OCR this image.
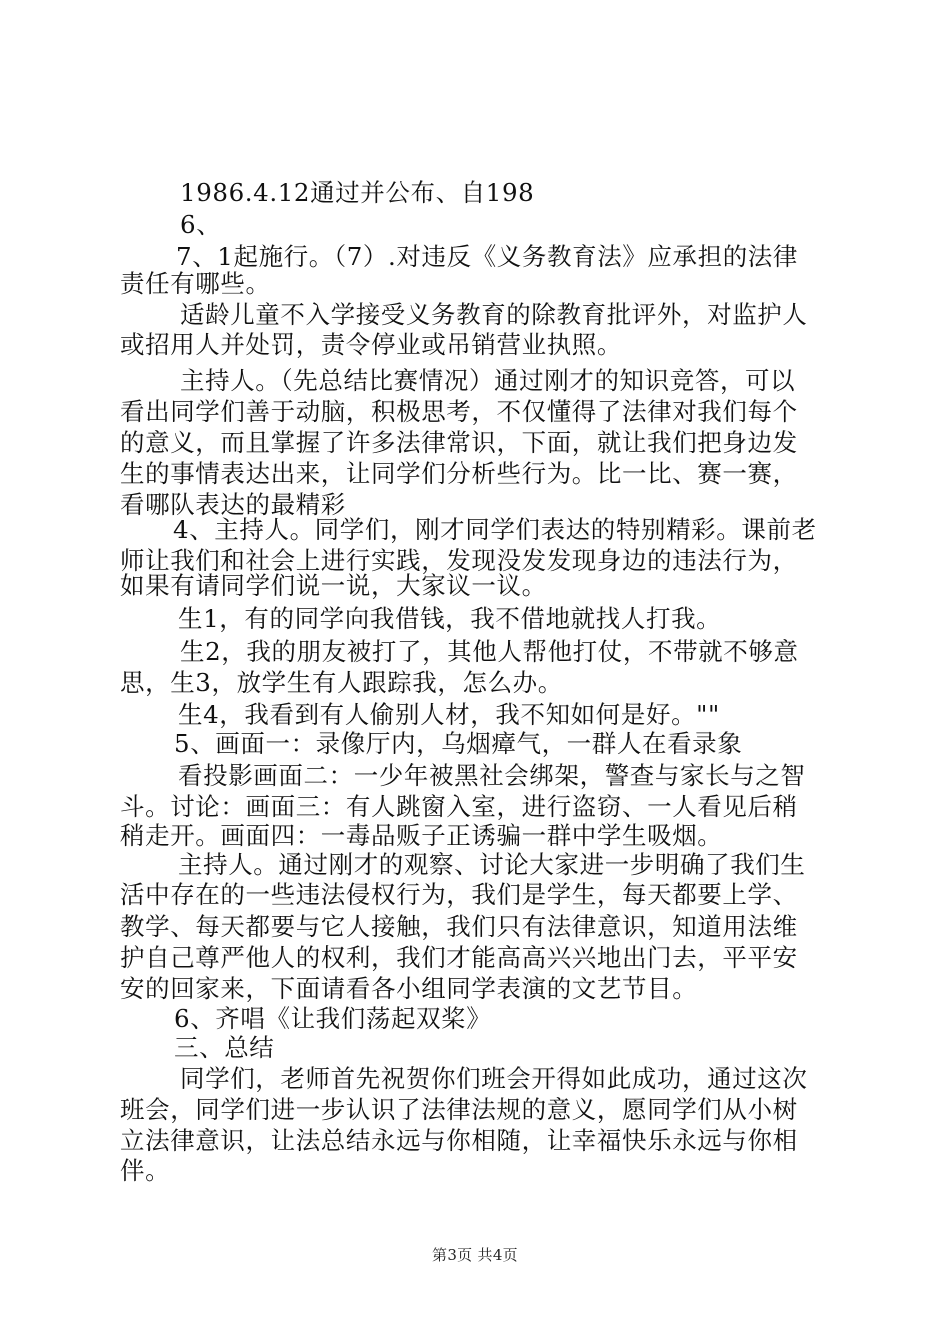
1986.4.12通过并公布、自198
6、
7、1起施行。（7）.对违反《义务教育法》应承担的法律
责任有哪些。
适龄儿童不入学接受义务教育的除教育批评外，对监护人
或招用人并处罚，责令停业或吊销营业执照。
主持人。（先总结比赛情况）通过刚才的知识竞答，可以
看出同学们善于动脑，积极思考，不仅懂得了法律对我们每个
的意义，而且掌握了许多法律常识，下面，就让我们把身边发
生的事情表达出来，让同学们分析些行为。比一比、赛一赛，
看哪队表达的最精彩
4、主持人。同学们，刚才同学们表达的特别精彩。课前老
师让我们和社会上进行实践，发现没发发现身边的违法行为，
如果有请同学们说一说，大家议一议。
生1，有的同学向我借钱，我不借地就找人打我。
生2，我的朋友被打了，其他人帮他打仗，不带就不够意
思，生3，放学生有人跟踪我，怎么办。
生4，我看到有人偷别人材，我不知如何是好。""
5、画面一：录像厅内，乌烟瘴气，一群人在看录象
看投影画面二：一少年被黑社会绑架，警查与家长与之智
斗。讨论：画面三：有人跳窗入室，进行盗窃、一人看见后稍
稍走开。画面四：一毒品贩子正诱骗一群中学生吸烟。
主持人。通过刚才的观察、讨论大家进一步明确了我们生
活中存在的一些违法侵权行为，我们是学生，每天都要上学、
教学、每天都要与它人接触，我们只有法律意识，知道用法维
护自己尊严他人的权利，我们才能高高兴兴地出门去，平平安
安的回家来，下面请看各小组同学表演的文艺节目。
6、齐唱《让我们荡起双桨》
三、总结
同学们，老师首先祝贺你们班会开得如此成功，通过这次
班会，同学们进一步认识了法律法规的意义，愿同学们从小树
立法律意识，让法总结永远与你相随，让幸福快乐永远与你相
伴。
第3页 共4页
